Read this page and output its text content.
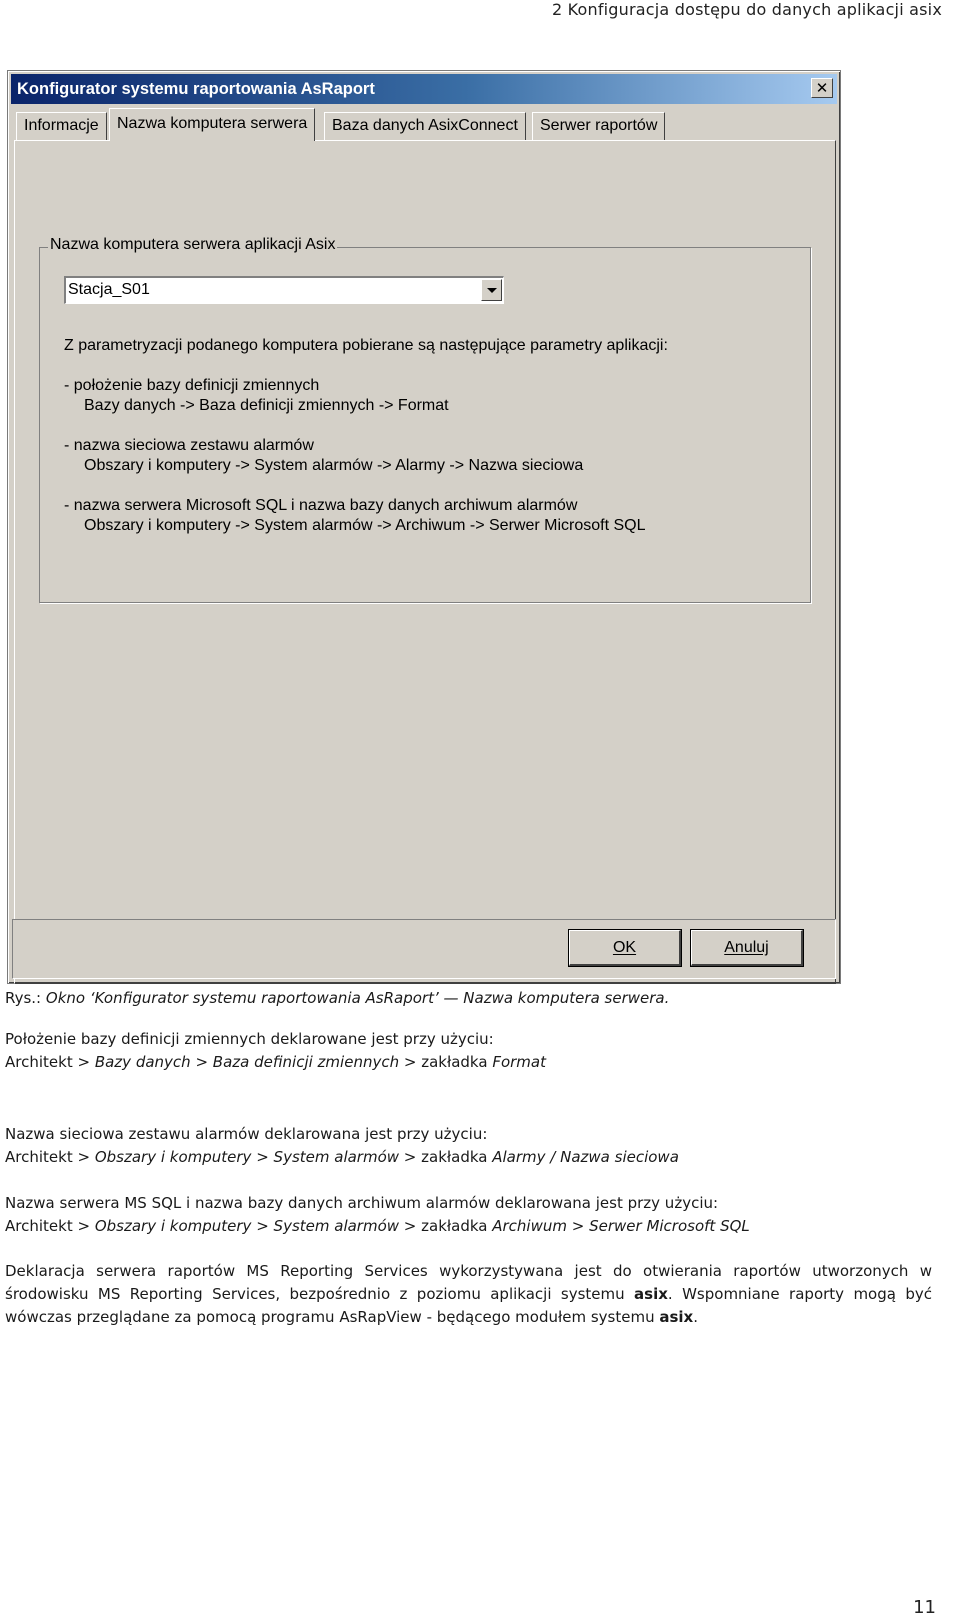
2 Konfiguracja dostępu do danych aplikacji asix
Konfigurator systemu raportowania AsRaport	✕
Informacje	Nazwa komputera serwera	Baza danych AsixConnect	Serwer raportów
Nazwa komputera serwera aplikacji Asix
Stacja_S01
Z parametryzacji podanego komputera pobierane są następujące parametry aplikacji:
- położenie bazy definicji zmiennych
Bazy danych -> Baza definicji zmiennych -> Format
- nazwa sieciowa zestawu alarmów
Obszary i komputery -> System alarmów -> Alarmy -> Nazwa sieciowa
- nazwa serwera Microsoft SQL i nazwa bazy danych archiwum alarmów
Obszary i komputery -> System alarmów -> Archiwum -> Serwer Microsoft SQL
OK	Anuluj
Rys.: Okno ‘Konfigurator systemu raportowania AsRaport’ — Nazwa komputera serwera.

Położenie bazy definicji zmiennych deklarowane jest przy użyciu:

Architekt > Bazy danych > Baza definicji zmiennych > zakładka Format

Nazwa sieciowa zestawu alarmów deklarowana jest przy użyciu:

Architekt > Obszary i komputery > System alarmów > zakładka Alarmy / Nazwa sieciowa

Nazwa serwera MS SQL i nazwa bazy danych archiwum alarmów deklarowana jest przy użyciu:

Architekt > Obszary i komputery > System alarmów > zakładka Archiwum > Serwer Microsoft SQL

Deklaracja serwera raportów MS Reporting Services wykorzystywana jest do otwierania raportów utworzonych w środowisku MS Reporting Services, bezpośrednio z poziomu aplikacji systemu asix. Wspomniane raporty mogą być wówczas przeglądane za pomocą programu AsRapView - będącego modułem systemu asix.

11
